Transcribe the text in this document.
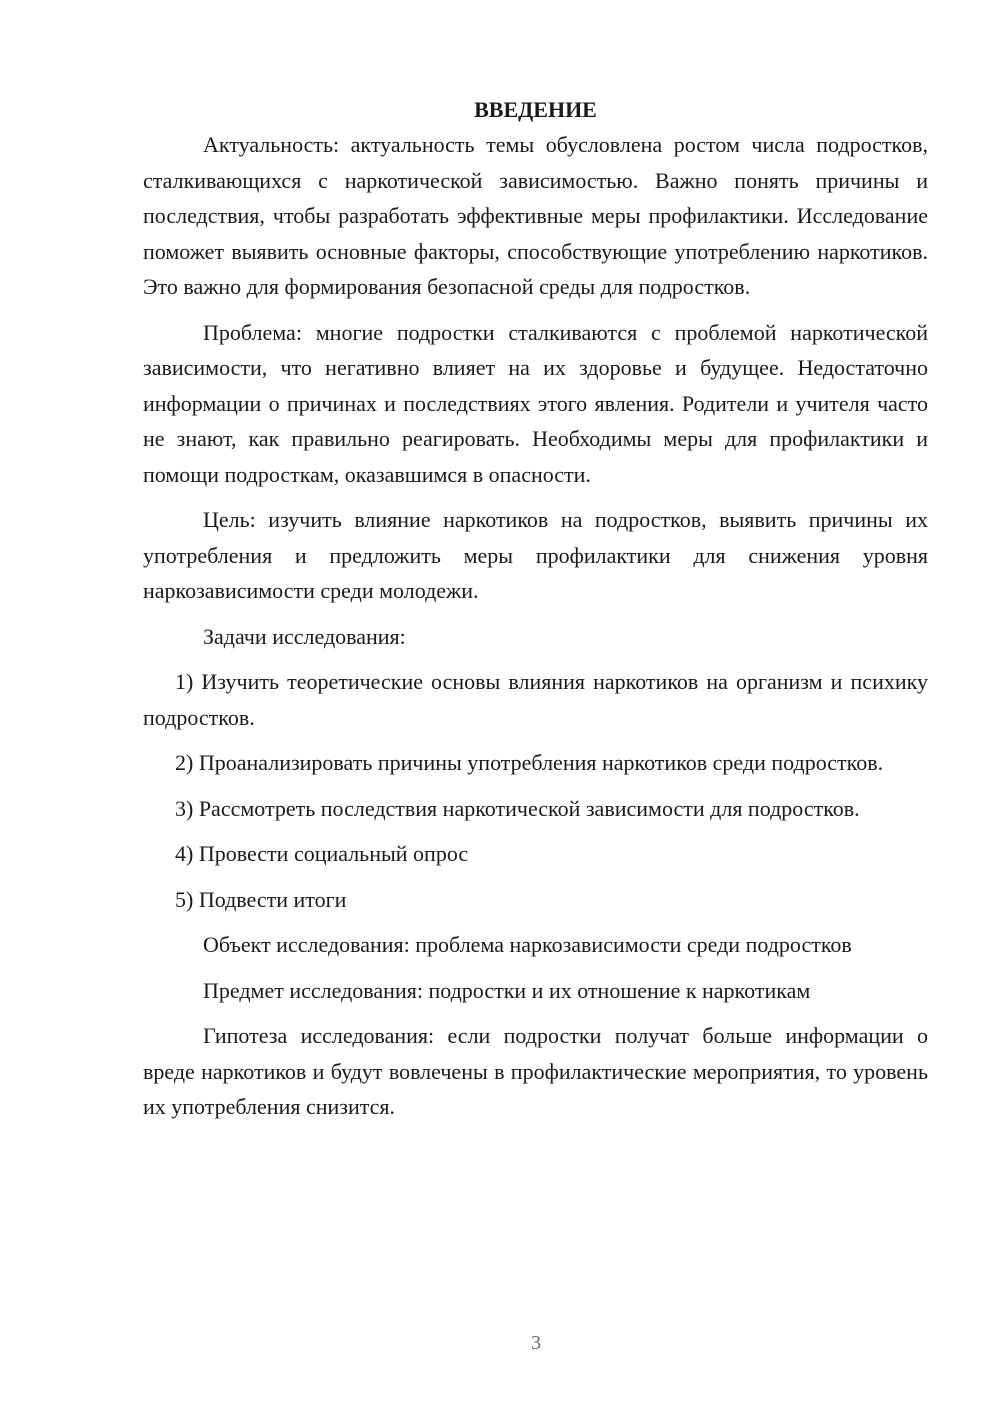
ВВЕДЕНИЕ

Актуальность: актуальность темы обусловлена ростом числа подростков, сталкивающихся с наркотической зависимостью. Важно понять причины и последствия, чтобы разработать эффективные меры профилактики. Исследование поможет выявить основные факторы, способствующие употреблению наркотиков. Это важно для формирования безопасной среды для подростков.

Проблема: многие подростки сталкиваются с проблемой наркотической зависимости, что негативно влияет на их здоровье и будущее. Недостаточно информации о причинах и последствиях этого явления. Родители и учителя часто не знают, как правильно реагировать. Необходимы меры для профилактики и помощи подросткам, оказавшимся в опасности.

Цель: изучить влияние наркотиков на подростков, выявить причины их употребления и предложить меры профилактики для снижения уровня наркозависимости среди молодежи.

Задачи исследования:

1) Изучить теоретические основы влияния наркотиков на организм и психику подростков.

2) Проанализировать причины употребления наркотиков среди подростков.

3) Рассмотреть последствия наркотической зависимости для подростков.

4) Провести социальный опрос

5) Подвести итоги

Объект исследования: проблема наркозависимости среди подростков

Предмет исследования: подростки и их отношение к наркотикам

Гипотеза исследования: если подростки получат больше информации о вреде наркотиков и будут вовлечены в профилактические мероприятия, то уровень их употребления снизится.

3
